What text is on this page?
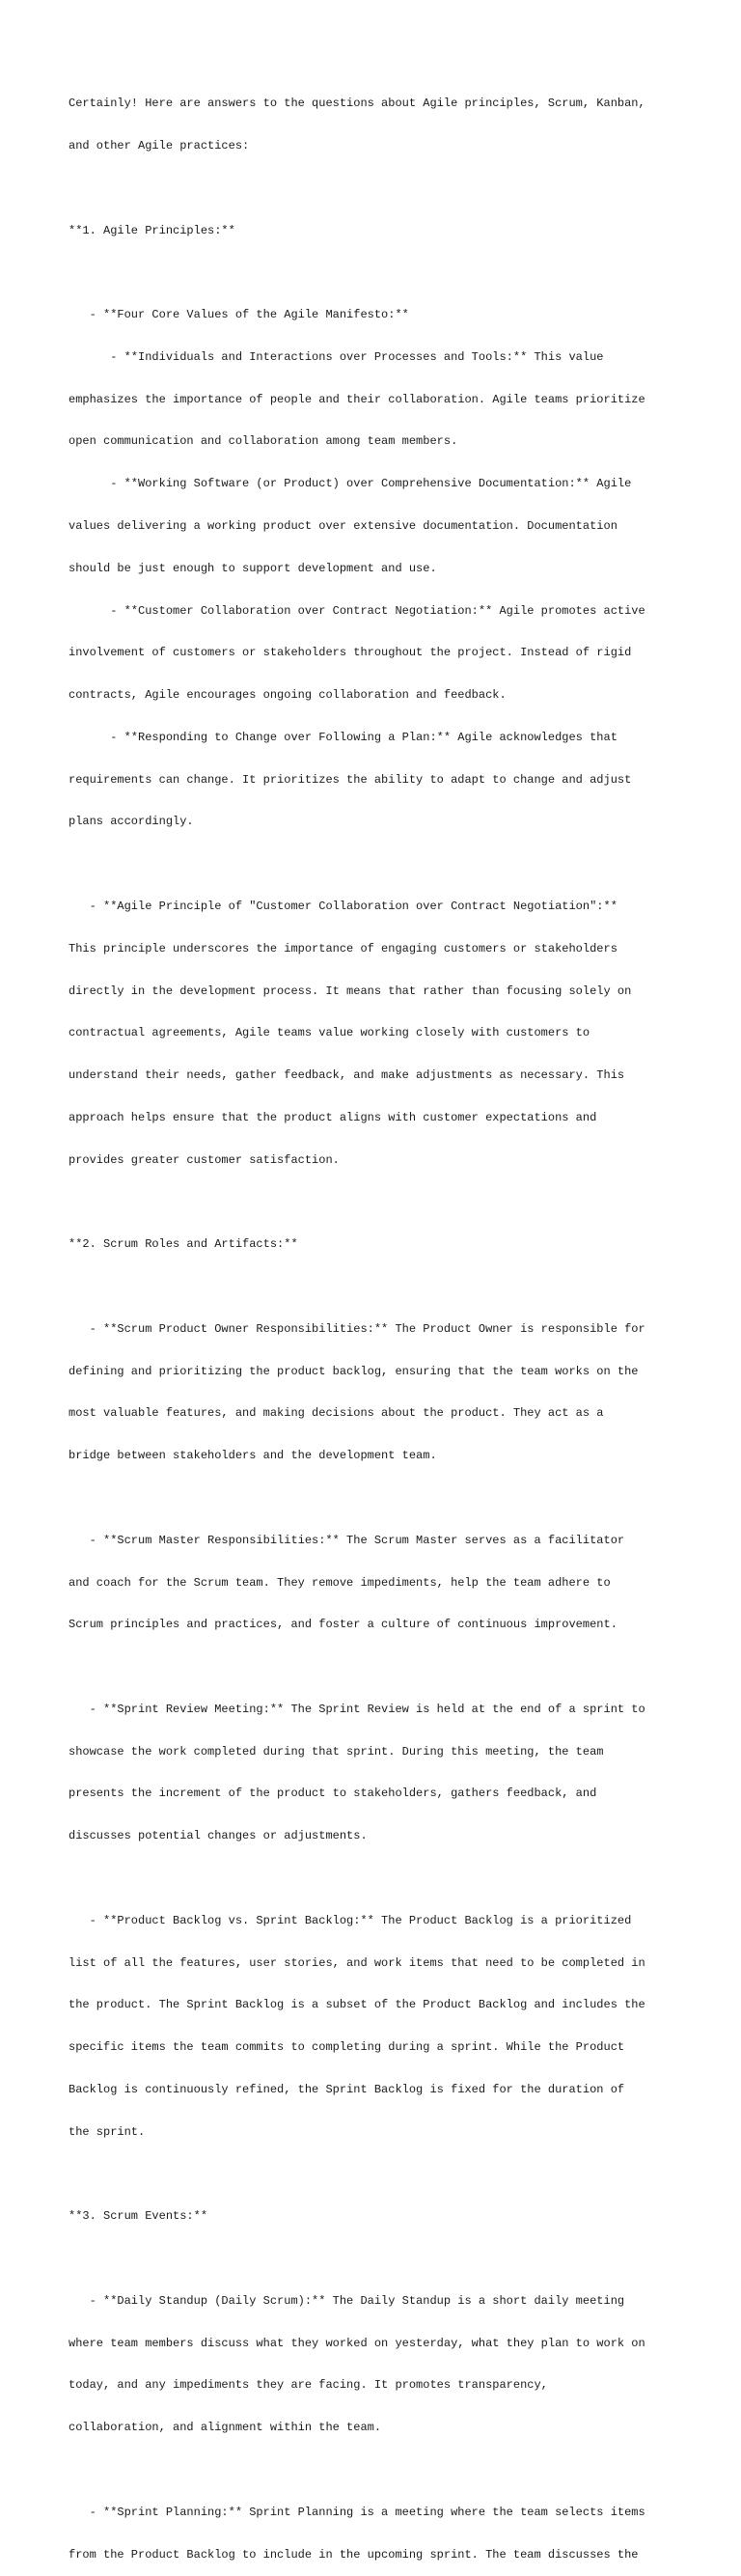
Certainly! Here are answers to the questions about Agile principles, Scrum, Kanban,

and other Agile practices:

**1. Agile Principles:**

- **Four Core Values of the Agile Manifesto:**

- **Individuals and Interactions over Processes and Tools:** This value

emphasizes the importance of people and their collaboration. Agile teams prioritize

open communication and collaboration among team members.

- **Working Software (or Product) over Comprehensive Documentation:** Agile

values delivering a working product over extensive documentation. Documentation

should be just enough to support development and use.

- **Customer Collaboration over Contract Negotiation:** Agile promotes active

involvement of customers or stakeholders throughout the project. Instead of rigid

contracts, Agile encourages ongoing collaboration and feedback.

- **Responding to Change over Following a Plan:** Agile acknowledges that

requirements can change. It prioritizes the ability to adapt to change and adjust

plans accordingly.

- **Agile Principle of "Customer Collaboration over Contract Negotiation":**

This principle underscores the importance of engaging customers or stakeholders

directly in the development process. It means that rather than focusing solely on

contractual agreements, Agile teams value working closely with customers to

understand their needs, gather feedback, and make adjustments as necessary. This

approach helps ensure that the product aligns with customer expectations and

provides greater customer satisfaction.

**2. Scrum Roles and Artifacts:**

- **Scrum Product Owner Responsibilities:** The Product Owner is responsible for

defining and prioritizing the product backlog, ensuring that the team works on the

most valuable features, and making decisions about the product. They act as a

bridge between stakeholders and the development team.

- **Scrum Master Responsibilities:** The Scrum Master serves as a facilitator

and coach for the Scrum team. They remove impediments, help the team adhere to

Scrum principles and practices, and foster a culture of continuous improvement.

- **Sprint Review Meeting:** The Sprint Review is held at the end of a sprint to

showcase the work completed during that sprint. During this meeting, the team

presents the increment of the product to stakeholders, gathers feedback, and

discusses potential changes or adjustments.

- **Product Backlog vs. Sprint Backlog:** The Product Backlog is a prioritized

list of all the features, user stories, and work items that need to be completed in

the product. The Sprint Backlog is a subset of the Product Backlog and includes the

specific items the team commits to completing during a sprint. While the Product

Backlog is continuously refined, the Sprint Backlog is fixed for the duration of

the sprint.

**3. Scrum Events:**

- **Daily Standup (Daily Scrum):** The Daily Standup is a short daily meeting

where team members discuss what they worked on yesterday, what they plan to work on

today, and any impediments they are facing. It promotes transparency,

collaboration, and alignment within the team.

- **Sprint Planning:** Sprint Planning is a meeting where the team selects items

from the Product Backlog to include in the upcoming sprint. The team discusses the
